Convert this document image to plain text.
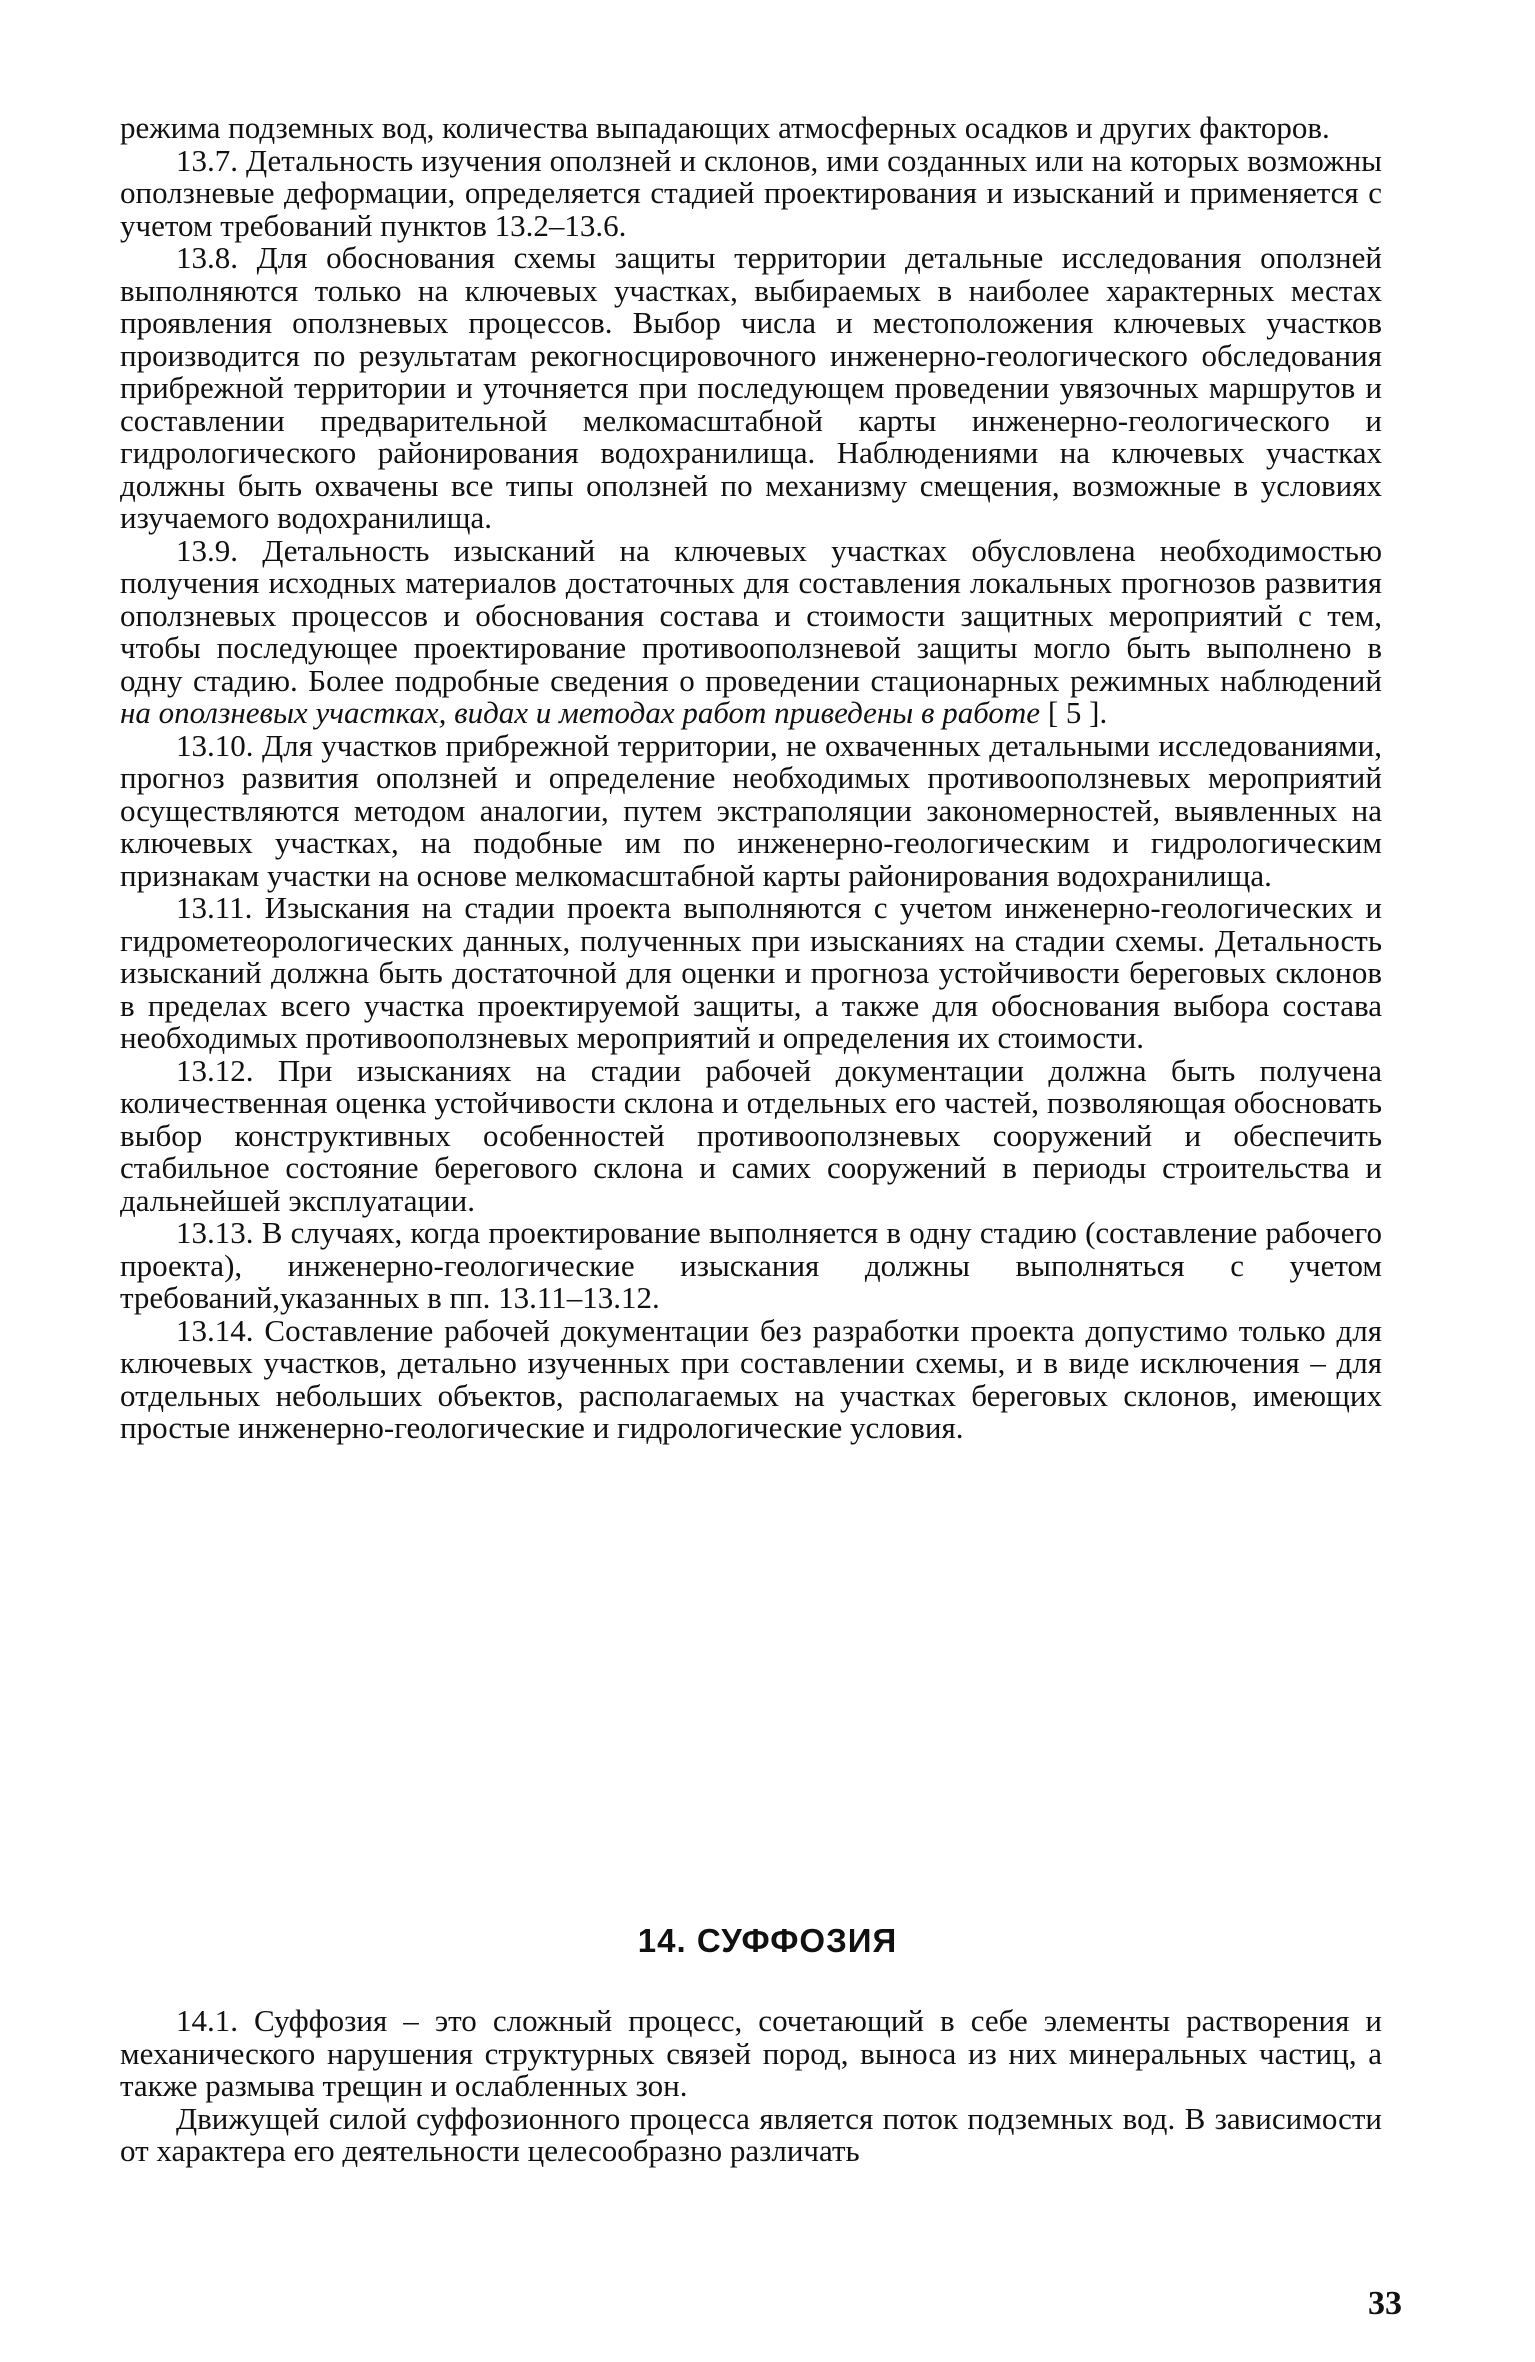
режима подземных вод, количества выпадающих атмосферных осадков и других факторов.

13.7. Детальность изучения оползней и склонов, ими созданных или на которых возможны оползневые деформации, определяется стадией проектирования и изысканий и применяется с учетом требований пунктов 13.2–13.6.

13.8. Для обоснования схемы защиты территории детальные исследования оползней выполняются только на ключевых участках, выбираемых в наиболее характерных местах проявления оползневых процессов. Выбор числа и местоположения ключевых участков производится по результатам рекогносцировочного инженерно-геологического обследования прибрежной территории и уточняется при последующем проведении увязочных маршрутов и составлении предварительной мелкомасштабной карты инженерно-геологического и гидрологического районирования водохранилища. Наблюдениями на ключевых участках должны быть охвачены все типы оползней по механизму смещения, возможные в условиях изучаемого водохранилища.

13.9. Детальность изысканий на ключевых участках обусловлена необходимостью получения исходных материалов достаточных для составления локальных прогнозов развития оползневых процессов и обоснования состава и стоимости защитных мероприятий с тем, чтобы последующее проектирование противооползневой защиты могло быть выполнено в одну стадию. Более подробные сведения о проведении стационарных режимных наблюдений на оползневых участках, видах и методах работ приведены в работе [ 5 ].

13.10. Для участков прибрежной территории, не охваченных детальными исследованиями, прогноз развития оползней и определение необходимых противооползневых мероприятий осуществляются методом аналогии, путем экстраполяции закономерностей, выявленных на ключевых участках, на подобные им по инженерно-геологическим и гидрологическим признакам участки на основе мелкомасштабной карты районирования водохранилища.

13.11. Изыскания на стадии проекта выполняются с учетом инженерно-геологических и гидрометеорологических данных, полученных при изысканиях на стадии схемы. Детальность изысканий должна быть достаточной для оценки и прогноза устойчивости береговых склонов в пределах всего участка проектируемой защиты, а также для обоснования выбора состава необходимых противооползневых мероприятий и определения их стоимости.

13.12. При изысканиях на стадии рабочей документации должна быть получена количественная оценка устойчивости склона и отдельных его частей, позволяющая обосновать выбор конструктивных особенностей противооползневых сооружений и обеспечить стабильное состояние берегового склона и самих сооружений в периоды строительства и дальнейшей эксплуатации.

13.13. В случаях, когда проектирование выполняется в одну стадию (составление рабочего проекта), инженерно-геологические изыскания должны выполняться с учетом требований,указанных в пп. 13.11–13.12.

13.14. Составление рабочей документации без разработки проекта допустимо только для ключевых участков, детально изученных при составлении схемы, и в виде исключения – для отдельных небольших объектов, располагаемых на участках береговых склонов, имеющих простые инженерно-геологические и гидрологические условия.

14. СУФФОЗИЯ

14.1. Суффозия – это сложный процесс, сочетающий в себе элементы растворения и механического нарушения структурных связей пород, выноса из них минеральных частиц, а также размыва трещин и ослабленных зон.

Движущей силой суффозионного процесса является поток подземных вод. В зависимости от характера его деятельности целесообразно различать

33
